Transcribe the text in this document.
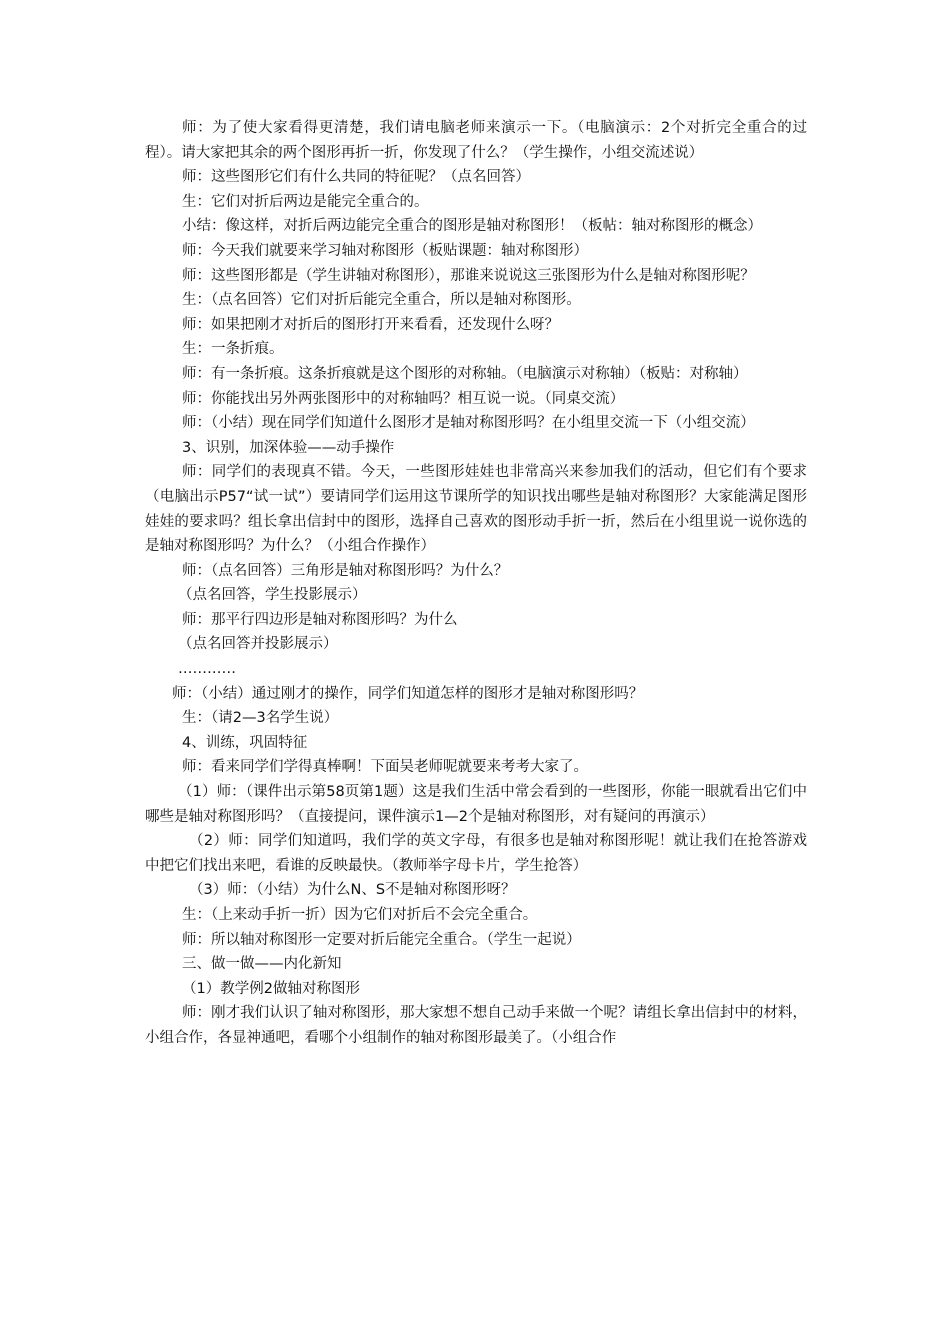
师：为了使大家看得更清楚，我们请电脑老师来演示一下。（电脑演示：2个对折完全重合的过程）。请大家把其余的两个图形再折一折，你发现了什么？（学生操作，小组交流述说）

师：这些图形它们有什么共同的特征呢？（点名回答）

生：它们对折后两边是能完全重合的。

小结：像这样，对折后两边能完全重合的图形是轴对称图形！（板帖：轴对称图形的概念）

师：今天我们就要来学习轴对称图形（板贴课题：轴对称图形）

师：这些图形都是（学生讲轴对称图形），那谁来说说这三张图形为什么是轴对称图形呢？

生：（点名回答）它们对折后能完全重合，所以是轴对称图形。

师：如果把刚才对折后的图形打开来看看，还发现什么呀？

生：一条折痕。

师：有一条折痕。这条折痕就是这个图形的对称轴。（电脑演示对称轴）（板贴：对称轴）

师：你能找出另外两张图形中的对称轴吗？相互说一说。（同桌交流）

师：（小结）现在同学们知道什么图形才是轴对称图形吗？在小组里交流一下（小组交流）

3、识别，加深体验——动手操作

师：同学们的表现真不错。今天，一些图形娃娃也非常高兴来参加我们的活动，但它们有个要求（电脑出示P57“试一试”）要请同学们运用这节课所学的知识找出哪些是轴对称图形？大家能满足图形娃娃的要求吗？组长拿出信封中的图形，选择自己喜欢的图形动手折一折，然后在小组里说一说你选的是轴对称图形吗？为什么？（小组合作操作）

师：（点名回答）三角形是轴对称图形吗？为什么？

（点名回答，学生投影展示）

师：那平行四边形是轴对称图形吗？为什么

（点名回答并投影展示）

…………

师：（小结）通过刚才的操作，同学们知道怎样的图形才是轴对称图形吗？

生：（请2—3名学生说）

4、训练，巩固特征

师：看来同学们学得真棒啊！下面吴老师呢就要来考考大家了。

（1）师：（课件出示第58页第1题）这是我们生活中常会看到的一些图形，你能一眼就看出它们中哪些是轴对称图形吗？（直接提问，课件演示1—2个是轴对称图形，对有疑问的再演示）

（2）师：同学们知道吗，我们学的英文字母，有很多也是轴对称图形呢！就让我们在抢答游戏中把它们找出来吧，看谁的反映最快。（教师举字母卡片，学生抢答）

（3）师：（小结）为什么N、S不是轴对称图形呀？

生：（上来动手折一折）因为它们对折后不会完全重合。

师：所以轴对称图形一定要对折后能完全重合。（学生一起说）

三、做一做——内化新知

（1）教学例2做轴对称图形

师：刚才我们认识了轴对称图形，那大家想不想自己动手来做一个呢？请组长拿出信封中的材料，小组合作，各显神通吧，看哪个小组制作的轴对称图形最美了。（小组合作
